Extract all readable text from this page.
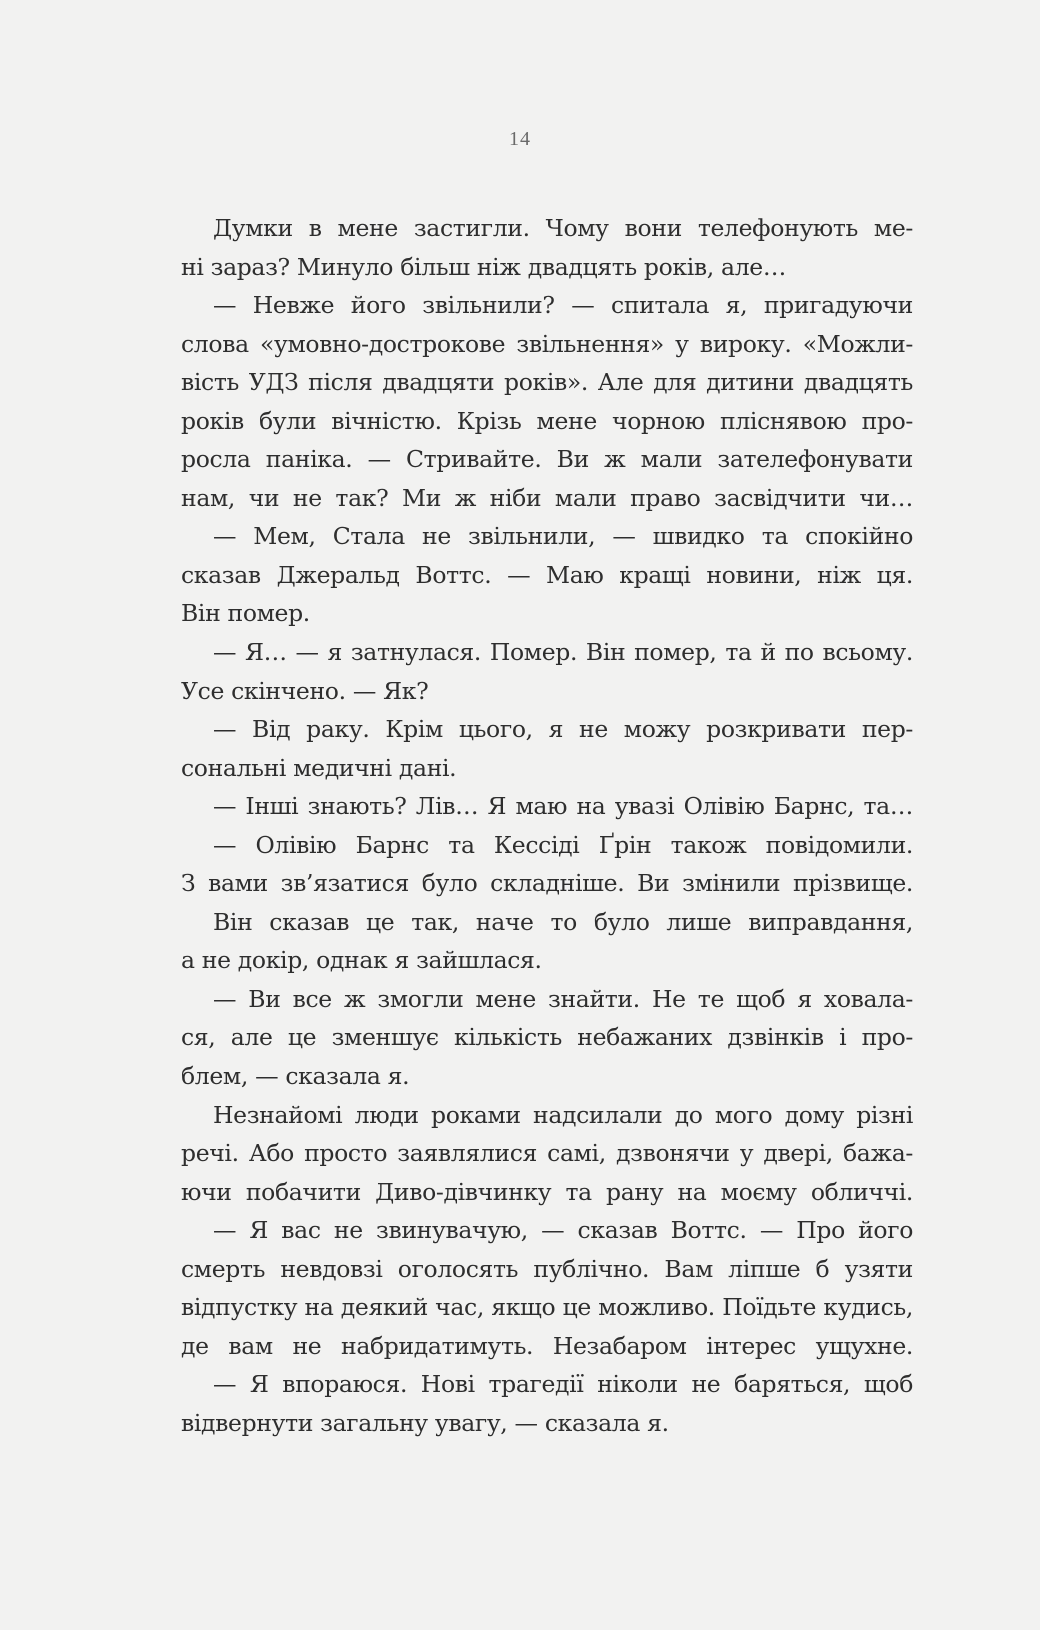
14
Думки в мене застигли. Чому вони телефонують ме-
ні зараз? Минуло більш ніж двадцять років, але…
— Невже його звільнили? — спитала я, пригадуючи
слова «умовно-дострокове звільнення» у вироку. «Можли-
вість УДЗ після двадцяти років». Але для дитини двадцять
років були вічністю. Крізь мене чорною пліснявою про-
росла паніка. — Стривайте. Ви ж мали зателефонувати
нам, чи не так? Ми ж ніби мали право засвідчити чи…
— Мем, Стала не звільнили, — швидко та спокійно
сказав Джеральд Воттс. — Маю кращі новини, ніж ця.
Він помер.
— Я… — я затнулася. Помер. Він помер, та й по всьому.
Усе скінчено. — Як?
— Від раку. Крім цього, я не можу розкривати пер-
сональні медичні дані.
— Інші знають? Лів… Я маю на увазі Олівію Барнс, та…
— Олівію Барнс та Кессіді Ґрін також повідомили.
З вами зв’язатися було складніше. Ви змінили прізвище.
Він сказав це так, наче то було лише виправдання,
а не докір, однак я зайшлася.
— Ви все ж змогли мене знайти. Не те щоб я ховала-
ся, але це зменшує кількість небажаних дзвінків і про-
блем, — сказала я.
Незнайомі люди роками надсилали до мого дому різні
речі. Або просто заявлялися самі, дзвонячи у двері, бажа-
ючи побачити Диво-дівчинку та рану на моєму обличчі.
— Я вас не звинувачую, — сказав Воттс. — Про його
смерть невдовзі оголосять публічно. Вам ліпше б узяти
відпустку на деякий час, якщо це можливо. Поїдьте кудись,
де вам не набридатимуть. Незабаром інтерес ущухне.
— Я впораюся. Нові трагедії ніколи не баряться, щоб
відвернути загальну увагу, — сказала я.
